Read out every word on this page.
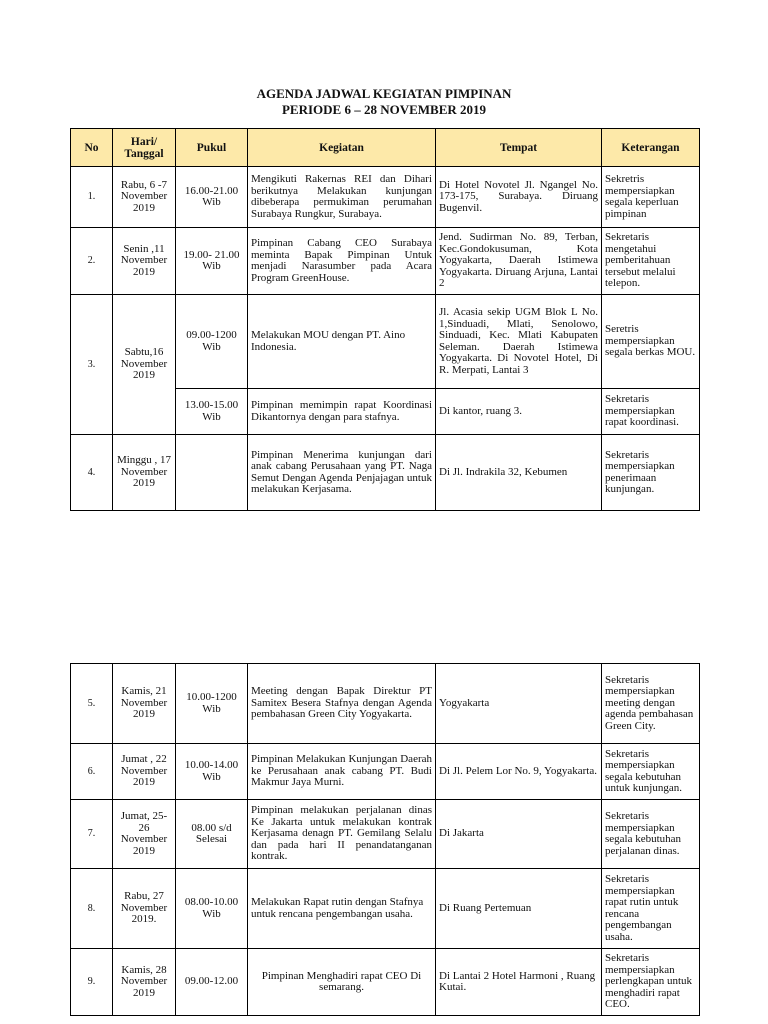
AGENDA JADWAL KEGIATAN PIMPINAN
PERIODE 6 – 28 NOVEMBER 2019
No	Hari/ Tanggal	Pukul	Kegiatan	Tempat	Keterangan
1.	Rabu, 6 -7 November 2019	16.00-21.00 Wib	Mengikuti Rakernas REI dan Dihari berikutnya Melakukan kunjungan dibeberapa permukiman perumahan Surabaya Rungkur, Surabaya.	Di Hotel Novotel Jl. Ngangel No. 173-175, Surabaya. Diruang Bugenvil.	Sekretris mempersiapkan segala keperluan pimpinan
2.	Senin ,11 November 2019	19.00- 21.00 Wib	Pimpinan Cabang CEO Surabaya meminta Bapak Pimpinan Untuk menjadi Narasumber pada Acara Program GreenHouse.	Jend. Sudirman No. 89, Terban, Kec.Gondokusuman, Kota Yogyakarta, Daerah Istimewa Yogyakarta. Diruang Arjuna, Lantai 2	Sekretaris mengetahui pemberitahuan tersebut melalui telepon.
3.	Sabtu,16 November 2019	09.00-1200 Wib	Melakukan MOU dengan PT. Aino Indonesia.	Jl. Acasia sekip UGM Blok L No. 1,Sinduadi, Mlati, Senolowo, Sinduadi, Kec. Mlati Kabupaten Seleman. Daerah Istimewa Yogyakarta. Di Novotel Hotel, Di R. Merpati, Lantai 3	Seretris mempersiapkan segala berkas MOU.
		13.00-15.00 Wib	Pimpinan memimpin rapat Koordinasi Dikantornya dengan para stafnya.	Di kantor, ruang 3.	Sekretaris mempersiapkan rapat koordinasi.
4.	Minggu , 17 November 2019		Pimpinan Menerima kunjungan dari anak cabang Perusahaan yang PT. Naga Semut Dengan Agenda Penjajagan untuk melakukan Kerjasama.	Di Jl. Indrakila 32, Kebumen	Sekretaris mempersiapkan penerimaan kunjungan.
5.	Kamis, 21 November 2019	10.00-1200 Wib	Meeting dengan Bapak Direktur PT Samitex Besera Stafnya dengan Agenda pembahasan Green City Yogyakarta.	Yogyakarta	Sekretaris mempersiapkan meeting dengan agenda pembahasan Green City.
6.	Jumat , 22 November 2019	10.00-14.00 Wib	Pimpinan Melakukan Kunjungan Daerah ke Perusahaan anak cabang PT. Budi Makmur Jaya Murni.	Di Jl. Pelem Lor No. 9, Yogyakarta.	Sekretaris mempersiapkan segala kebutuhan untuk kunjungan.
7.	Jumat, 25- 26 November 2019	08.00 s/d Selesai	Pimpinan melakukan perjalanan dinas Ke Jakarta untuk melakukan kontrak Kerjasama denagn PT. Gemilang Selalu dan pada hari II penandatanganan kontrak.	Di Jakarta	Sekretaris mempersiapkan segala kebutuhan perjalanan dinas.
8.	Rabu, 27 November 2019.	08.00-10.00 Wib	Melakukan Rapat rutin dengan Stafnya untuk rencana pengembangan usaha.	Di Ruang Pertemuan	Sekretaris mempersiapkan rapat rutin untuk rencana pengembangan usaha.
9.	Kamis, 28 November 2019	09.00-12.00	Pimpinan Menghadiri rapat CEO Di semarang.	Di Lantai 2 Hotel Harmoni , Ruang Kutai.	Sekretaris mempersiapkan perlengkapan untuk menghadiri rapat CEO.
